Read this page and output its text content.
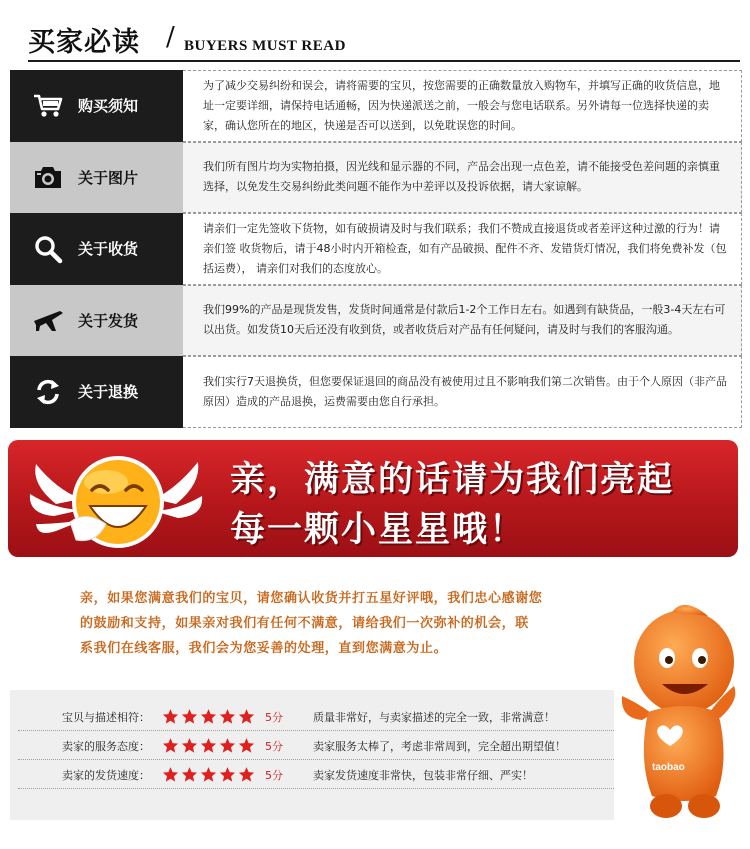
买家必读 / BUYERS MUST READ
购买须知

为了减少交易纠纷和误会，请将需要的宝贝，按您需要的正确数量放入购物车，并填写正确的收货信息，地址一定要详细，请保持电话通畅，因为快递派送之前，一般会与您电话联系。另外请每一位选择快递的卖家，确认您所在的地区，快递是否可以送到，以免耽误您的时间。

关于图片

我们所有图片均为实物拍摄，因光线和显示器的不同，产品会出现一点色差，请不能接受色差问题的亲慎重选择，以免发生交易纠纷此类问题不能作为中差评以及投诉依据，请大家谅解。

关于收货

请亲们一定先签收下货物，如有破损请及时与我们联系；我们不赞成直接退货或者差评这种过激的行为！请亲们签 收货物后，请于48小时内开箱检查，如有产品破损、配件不齐、发错货灯情况，我们将免费补发（包括运费）， 请亲们对我们的态度放心。

关于发货

我们99%的产品是现货发售，发货时间通常是付款后1-2个工作日左右。如遇到有缺货品，一般3-4天左右可以出货。如发货10天后还没有收到货，或者收货后对产品有任何疑问，请及时与我们的客服沟通。

关于退换

我们实行7天退换货，但您要保证退回的商品没有被使用过且不影响我们第二次销售。由于个人原因（非产品原因）造成的产品退换，运费需要由您自行承担。

亲，满意的话请为我们亮起
每一颗小星星哦！
亲，如果您满意我们的宝贝，请您确认收货并打五星好评哦，我们忠心感谢您
的鼓励和支持，如果亲对我们有任何不满意，请给我们一次弥补的机会，联
系我们在线客服，我们会为您妥善的处理，直到您满意为止。
宝贝与描述相符：	5分	质量非常好，与卖家描述的完全一致，非常满意！
卖家的服务态度：	5分	卖家服务太棒了，考虑非常周到，完全超出期望值！
卖家的发货速度：	5分	卖家发货速度非常快，包装非常仔细、严实！
taobao
